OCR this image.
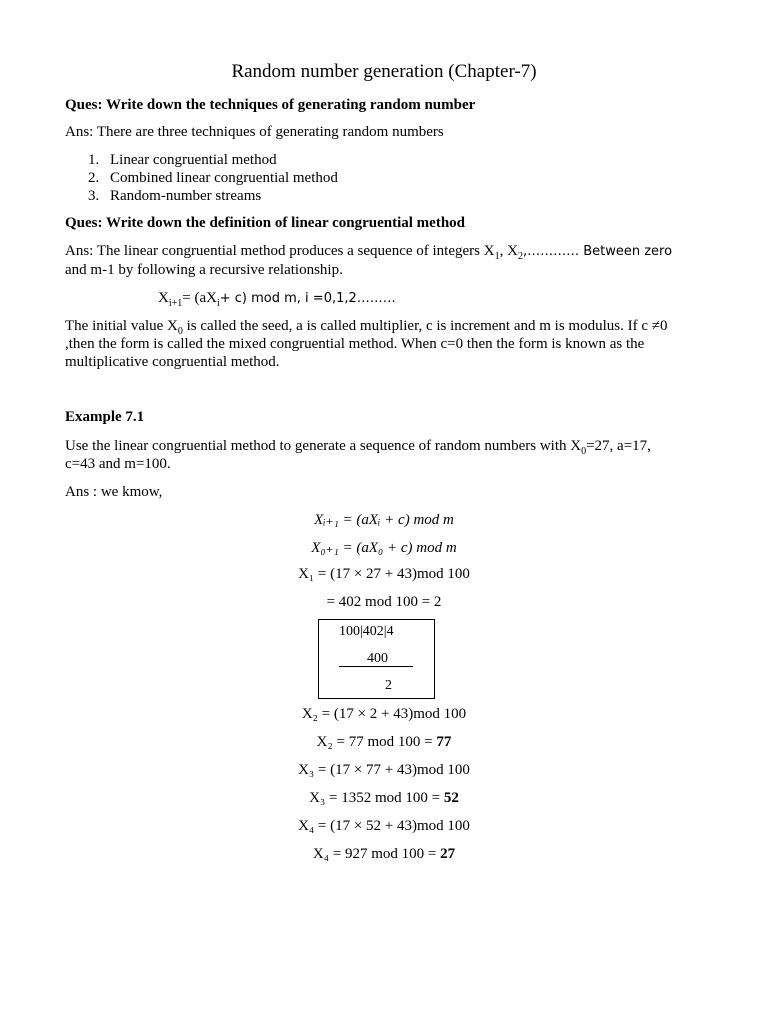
Random number generation (Chapter-7)
Ques: Write down the techniques of generating random number
Ans: There are three techniques of generating random numbers
1. Linear congruential method
2. Combined linear congruential method
3. Random-number streams
Ques: Write down the definition of linear congruential method
Ans: The linear congruential method produces a sequence of integers $X_1$, $X_2,\dots\dots\dots\dots$ Between zero
and m-1 by following a recursive relationship.
$X_{i+1}= (aX_i+ c)$ mod m, i =0,1,2………
The initial value $X_0$ is called the seed, a is called multiplier, c is increment and m is modulus. If c ≠0
,then the form is called the mixed congruential method. When c=0 then the form is known as the
multiplicative congruential method.
Example 7.1
Use the linear congruential method to generate a sequence of random numbers with $X_0=27$, a=17,
c=43 and m=100.
Ans : we kmow,
Xᵢ₊₁ = (aXᵢ + c) mod m
X₀₊₁ = (aX₀ + c) mod m
X₁ = (17 × 27 + 43)mod 100
= 402 mod 100 = 2
100|402|4
400
2
X₂ = (17 × 2 + 43)mod 100
X₂ = 77 mod 100 = 77
X₃ = (17 × 77 + 43)mod 100
X₃ = 1352 mod 100 = 52
X₄ = (17 × 52 + 43)mod 100
X₄ = 927 mod 100 = 27
